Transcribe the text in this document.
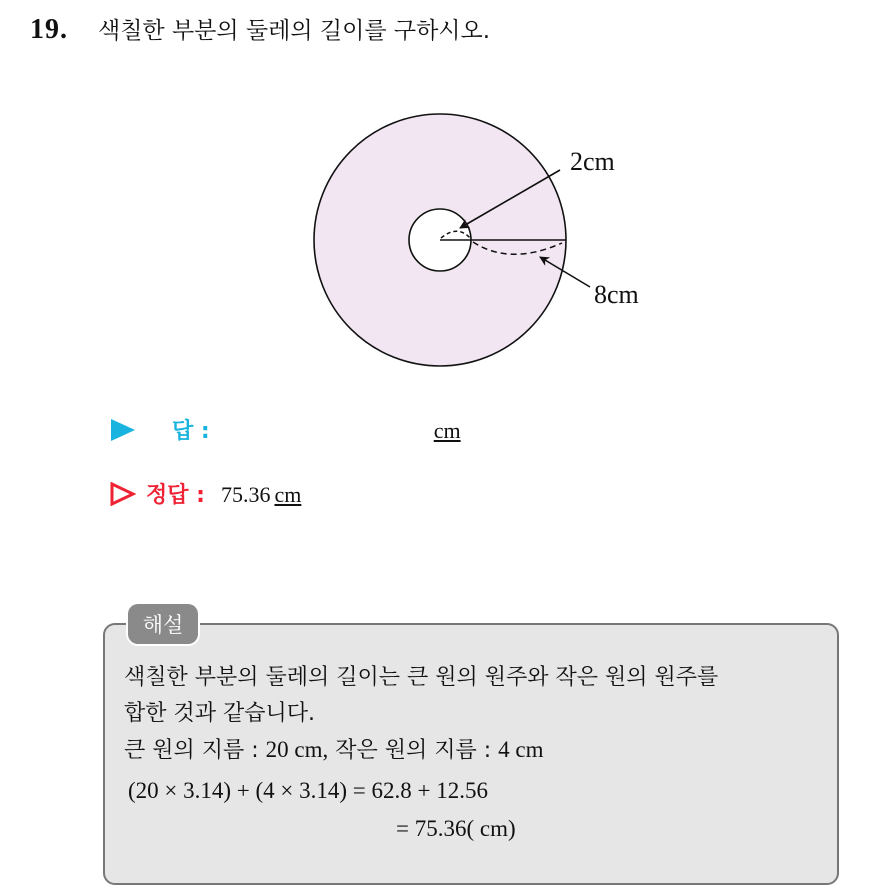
19. 색칠한 부분의 둘레의 길이를 구하시오.
2cm
8cm
답 :	cm
정답 : 75.36 cm
해설
색칠한 부분의 둘레의 길이는 큰 원의 원주와 작은 원의 원주를
합한 것과 같습니다.
큰 원의 지름 : 20 cm, 작은 원의 지름 : 4 cm
(20 × 3.14) + (4 × 3.14) = 62.8 + 12.56
= 75.36( cm)
